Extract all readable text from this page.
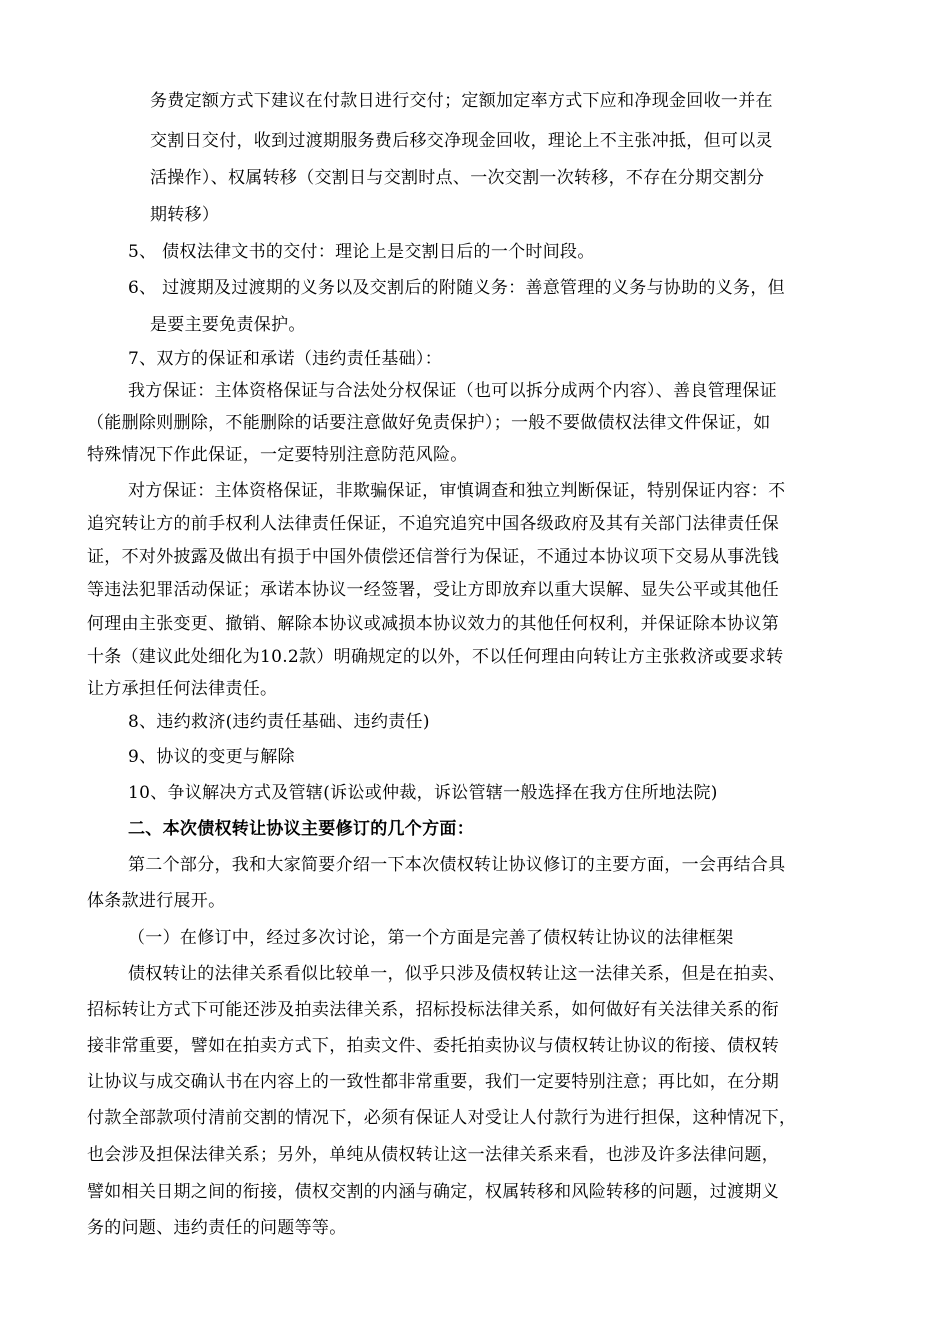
务费定额方式下建议在付款日进行交付；定额加定率方式下应和净现金回收一并在
交割日交付，收到过渡期服务费后移交净现金回收，理论上不主张冲抵，但可以灵
活操作）、权属转移（交割日与交割时点、一次交割一次转移，不存在分期交割分
期转移）
5、 债权法律文书的交付：理论上是交割日后的一个时间段。
6、 过渡期及过渡期的义务以及交割后的附随义务：善意管理的义务与协助的义务，但
是要主要免责保护。
7、双方的保证和承诺（违约责任基础）：
我方保证：主体资格保证与合法处分权保证（也可以拆分成两个内容）、善良管理保证
（能删除则删除，不能删除的话要注意做好免责保护）；一般不要做债权法律文件保证，如
特殊情况下作此保证，一定要特别注意防范风险。
对方保证：主体资格保证，非欺骗保证，审慎调查和独立判断保证，特别保证内容：不
追究转让方的前手权利人法律责任保证，不追究追究中国各级政府及其有关部门法律责任保
证，不对外披露及做出有损于中国外债偿还信誉行为保证，不通过本协议项下交易从事洗钱
等违法犯罪活动保证；承诺本协议一经签署，受让方即放弃以重大误解、显失公平或其他任
何理由主张变更、撤销、解除本协议或减损本协议效力的其他任何权利，并保证除本协议第
十条（建议此处细化为10.2款）明确规定的以外，不以任何理由向转让方主张救济或要求转
让方承担任何法律责任。
8、违约救济(违约责任基础、违约责任)
9、协议的变更与解除
10、争议解决方式及管辖(诉讼或仲裁，诉讼管辖一般选择在我方住所地法院)
二、本次债权转让协议主要修订的几个方面：
第二个部分，我和大家简要介绍一下本次债权转让协议修订的主要方面，一会再结合具
体条款进行展开。
（一）在修订中，经过多次讨论，第一个方面是完善了债权转让协议的法律框架
债权转让的法律关系看似比较单一，似乎只涉及债权转让这一法律关系，但是在拍卖、
招标转让方式下可能还涉及拍卖法律关系，招标投标法律关系，如何做好有关法律关系的衔
接非常重要，譬如在拍卖方式下，拍卖文件、委托拍卖协议与债权转让协议的衔接、债权转
让协议与成交确认书在内容上的一致性都非常重要，我们一定要特别注意；再比如，在分期
付款全部款项付清前交割的情况下，必须有保证人对受让人付款行为进行担保，这种情况下，
也会涉及担保法律关系；另外，单纯从债权转让这一法律关系来看，也涉及许多法律问题，
譬如相关日期之间的衔接，债权交割的内涵与确定，权属转移和风险转移的问题，过渡期义
务的问题、违约责任的问题等等。
